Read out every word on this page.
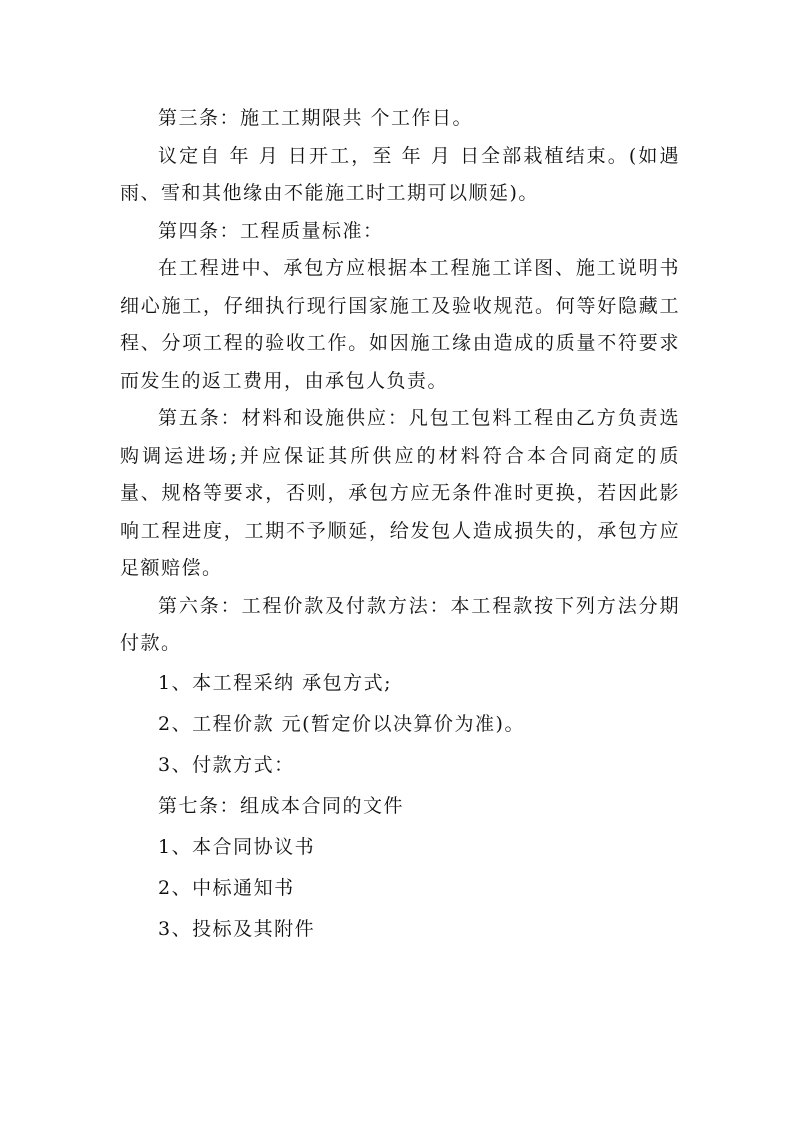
第三条：施工工期限共 个工作日。

议定自 年 月 日开工，至 年 月 日全部栽植结束。(如遇雨、雪和其他缘由不能施工时工期可以顺延)。

第四条：工程质量标准：

在工程进中、承包方应根据本工程施工详图、施工说明书细心施工，仔细执行现行国家施工及验收规范。何等好隐藏工程、分项工程的验收工作。如因施工缘由造成的质量不符要求而发生的返工费用，由承包人负责。

第五条：材料和设施供应：凡包工包料工程由乙方负责选购调运进场;并应保证其所供应的材料符合本合同商定的质量、规格等要求，否则，承包方应无条件准时更换，若因此影响工程进度，工期不予顺延，给发包人造成损失的，承包方应足额赔偿。

第六条：工程价款及付款方法：本工程款按下列方法分期付款。

1、本工程采纳 承包方式;

2、工程价款 元(暂定价以决算价为准)。

3、付款方式：

第七条：组成本合同的文件

1、本合同协议书

2、中标通知书

3、投标及其附件
